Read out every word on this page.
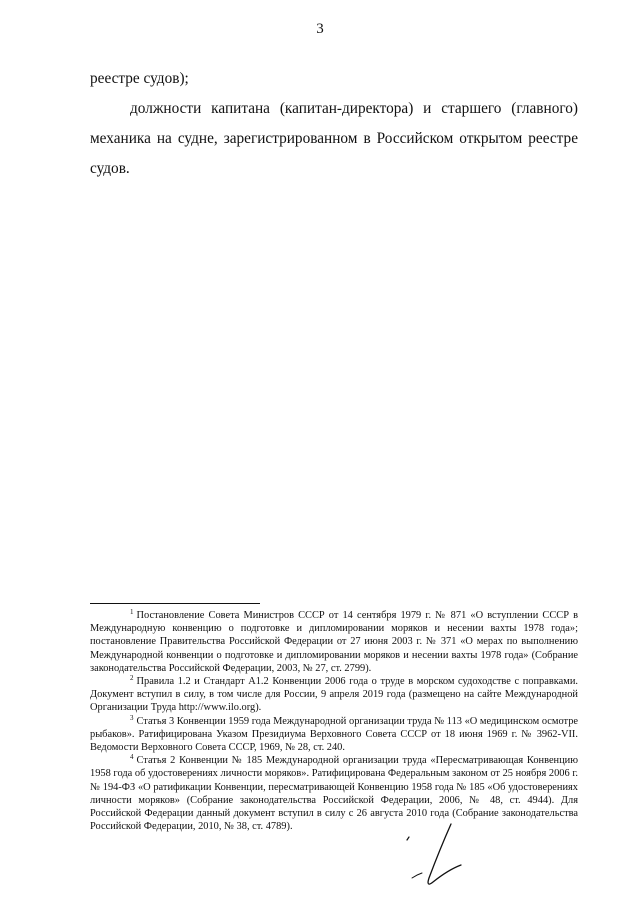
3

реестре судов);

должности капитана (капитан-директора) и старшего (главного) механика на судне, зарегистрированном в Российском открытом реестре судов.

$^1$ Постановление Совета Министров СССР от 14 сентября 1979 г. № 871 «О вступлении СССР в Международную конвенцию о подготовке и дипломировании моряков и несении вахты 1978 года»; постановление Правительства Российской Федерации от 27 июня 2003 г. № 371 «О мерах по выполнению Международной конвенции о подготовке и дипломировании моряков и несении вахты 1978 года» (Собрание законодательства Российской Федерации, 2003, № 27, ст. 2799).

$^2$ Правила 1.2 и Стандарт A1.2 Конвенции 2006 года о труде в морском судоходстве с поправками. Документ вступил в силу, в том числе для России, 9 апреля 2019 года (размещено на сайте Международной Организации Труда http://www.ilo.org).

$^3$ Статья 3 Конвенции 1959 года Международной организации труда № 113 «О медицинском осмотре рыбаков». Ратифицирована Указом Президиума Верховного Совета СССР от 18 июня 1969 г. № 3962-VII. Ведомости Верховного Совета СССР, 1969, № 28, ст. 240.

$^4$ Статья 2 Конвенции № 185 Международной организации труда «Пересматривающая Конвенцию 1958 года об удостоверениях личности моряков». Ратифицирована Федеральным законом от 25 ноября 2006 г. № 194-ФЗ «О ратификации Конвенции, пересматривающей Конвенцию 1958 года № 185 «Об удостоверениях личности моряков» (Собрание законодательства Российской Федерации, 2006, № 48, ст. 4944). Для Российской Федерации данный документ вступил в силу с 26 августа 2010 года (Собрание законодательства Российской Федерации, 2010, № 38, ст. 4789).
